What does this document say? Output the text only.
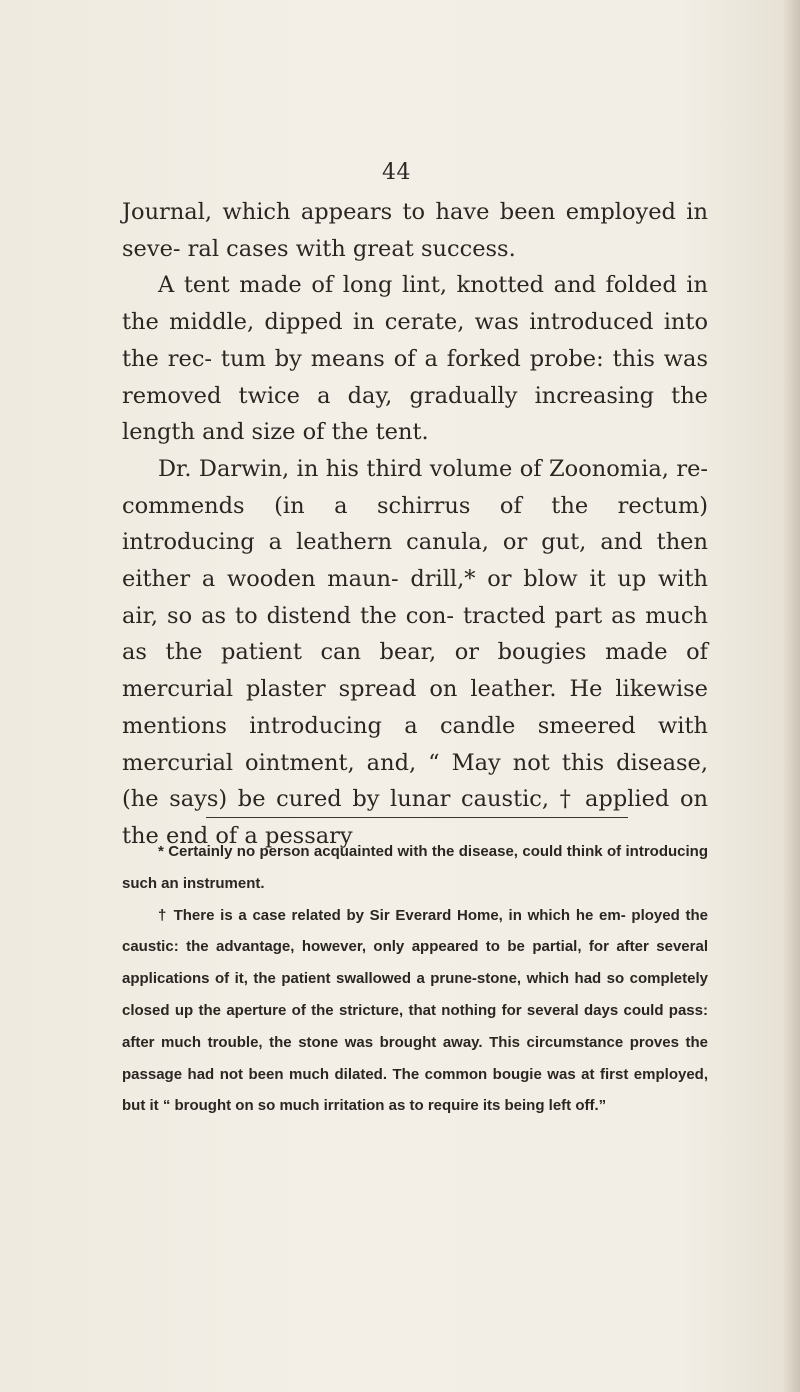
44

Journal, which appears to have been employed in seve- ral cases with great success.

A tent made of long lint, knotted and folded in the middle, dipped in cerate, was introduced into the rec- tum by means of a forked probe: this was removed twice a day, gradually increasing the length and size of the tent.

Dr. Darwin, in his third volume of Zoonomia, re- commends (in a schirrus of the rectum) introducing a leathern canula, or gut, and then either a wooden maun- drill,* or blow it up with air, so as to distend the con- tracted part as much as the patient can bear, or bougies made of mercurial plaster spread on leather. He likewise mentions introducing a candle smeered with mercurial ointment, and, “ May not this disease, (he says) be cured by lunar caustic, † applied on the end of a pessary

* Certainly no person acquainted with the disease, could think of introducing such an instrument.

† There is a case related by Sir Everard Home, in which he em- ployed the caustic: the advantage, however, only appeared to be partial, for after several applications of it, the patient swallowed a prune-stone, which had so completely closed up the aperture of the stricture, that nothing for several days could pass: after much trouble, the stone was brought away. This circumstance proves the passage had not been much dilated. The common bougie was at first employed, but it “ brought on so much irritation as to require its being left off.”
